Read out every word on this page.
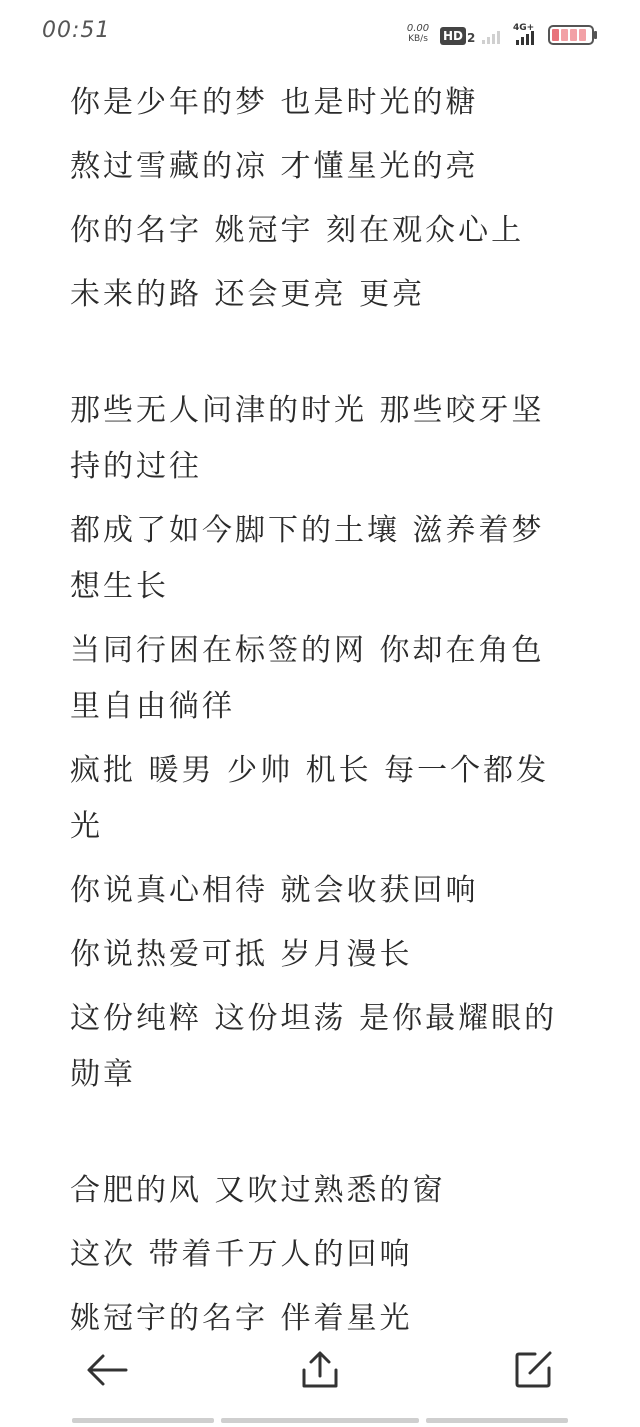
00:51	0.00
KB/s	HD 2
4G+

你是少年的梦 也是时光的糖

熬过雪藏的凉 才懂星光的亮

你的名字 姚冠宇 刻在观众心上

未来的路 还会更亮 更亮

那些无人问津的时光 那些咬牙坚持的过往

都成了如今脚下的土壤 滋养着梦想生长

当同行困在标签的网 你却在角色里自由徜徉

疯批 暖男 少帅 机长 每一个都发光

你说真心相待 就会收获回响

你说热爱可抵 岁月漫长

这份纯粹 这份坦荡 是你最耀眼的勋章

合肥的风 又吹过熟悉的窗

这次 带着千万人的回响

姚冠宇的名字 伴着星光
